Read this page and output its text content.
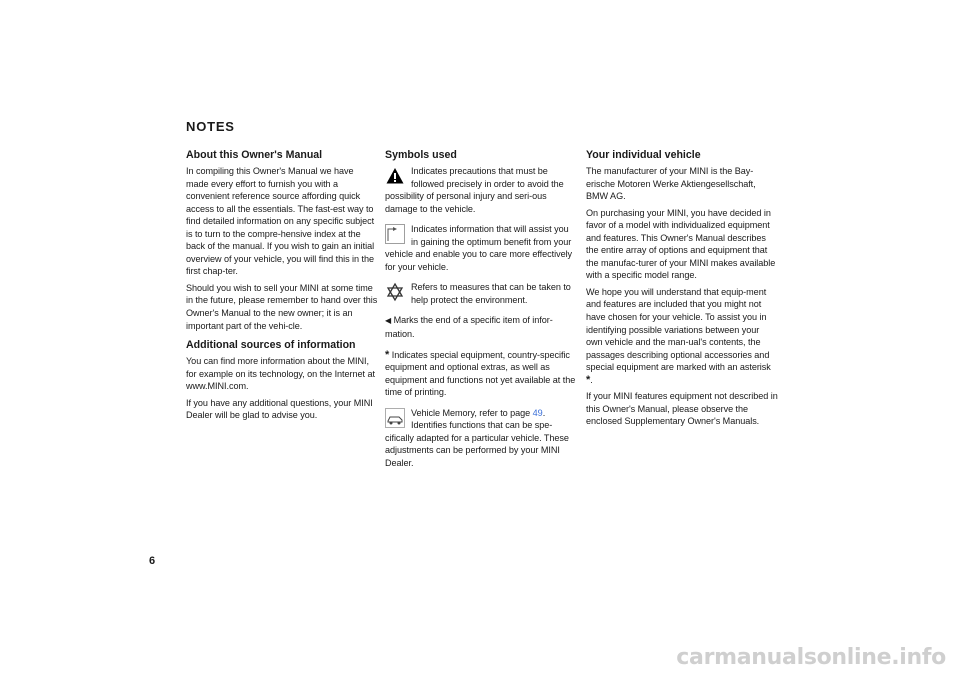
NOTES
About this Owner's Manual

In compiling this Owner's Manual we have made every effort to furnish you with a convenient reference source affording quick access to all the essentials. The fast-est way to find detailed information on any specific subject is to turn to the compre-hensive index at the back of the manual. If you wish to gain an initial overview of your vehicle, you will find this in the first chap-ter.

Should you wish to sell your MINI at some time in the future, please remember to hand over this Owner's Manual to the new owner; it is an important part of the vehi-cle.

Additional sources of information

You can find more information about the MINI, for example on its technology, on the Internet at www.MINI.com.

If you have any additional questions, your MINI Dealer will be glad to advise you.

Symbols used

Indicates precautions that must be followed precisely in order to avoid the possibility of personal injury and seri-ous damage to the vehicle.

Indicates information that will assist you in gaining the optimum benefit from your vehicle and enable you to care more effectively for your vehicle.

Refers to measures that can be taken to help protect the environment.

◀ Marks the end of a specific item of infor-mation.

* Indicates special equipment, country-specific equipment and optional extras, as well as equipment and functions not yet available at the time of printing.

Vehicle Memory, refer to page 49. Identifies functions that can be spe-cifically adapted for a particular vehicle. These adjustments can be performed by your MINI Dealer.

Your individual vehicle

The manufacturer of your MINI is the Bay-erische Motoren Werke Aktiengesellschaft, BMW AG.

On purchasing your MINI, you have decided in favor of a model with individualized equipment and features. This Owner's Manual describes the entire array of options and equipment that the manufac-turer of your MINI makes available with a specific model range.

We hope you will understand that equip-ment and features are included that you might not have chosen for your vehicle. To assist you in identifying possible variations between your own vehicle and the man-ual's contents, the passages describing optional accessories and special equipment are marked with an asterisk *.

If your MINI features equipment not described in this Owner's Manual, please observe the enclosed Supplementary Owner's Manuals.

6
carmanualsonline.info
